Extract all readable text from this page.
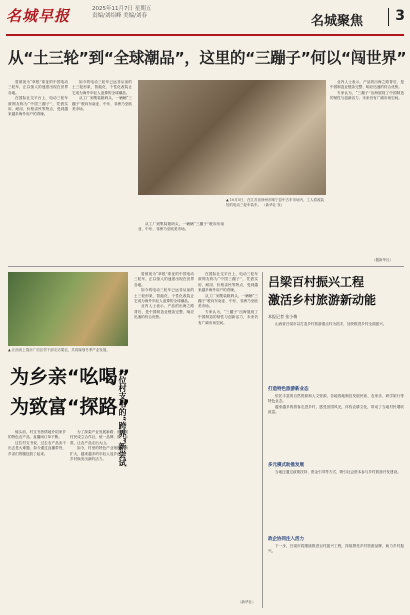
名城早报	2025年11月7日 星期五
责编/刘绍峰 美编/刘春	名城聚焦	3
从“土三轮”到“全球潮品”，这里的“三蹦子”何以“闯世界”

曾被视为“草根”象征的中国电动三轮车，正以惊人的速度出现在世界各地。

在国际社交平台上，电动三轮车被网友称为“中国三蹦子”，凭借实用、耐用、价格亲民等特点，受到越来越多海外用户的青睐。

如今的电动三轮车已远非从前的土三轮形象，智能化、个性化改装让它成为海外年轻人追捧的全球潮品。

从工厂到集装箱码头，一辆辆“三蹦子”驶向东南亚、中东、非洲乃至欧美市场。

▲ 10月5日，在江苏省徐州市睢宁县中古车市场内，工人将改装好的电动三轮车装车。 （新华社 发）

业内人士表示，产品的出海之路背后，是中国制造业链条完整、响应迅速的综合优势。

专家认为，“三蹦子”出海展现了中国制造的韧性与创新活力，未来仍有广阔市场空间。

从工厂到集装箱码头，一辆辆“三蹦子”驶向东南亚、中东、非洲乃至欧美市场。

（据新华社）
▲ 江西省上饶市广信区村干部走访果农，共同谋划冬季产业发展。
为乡亲“吆喝”
为致富“探路”
一位村支书的“跨界”新尝试

镜头前，村支书热情地介绍家乡的特色农产品，直播间订单不断。

这位村支书说，过去农产品卖不出去是大难题，如今通过直播带货，乡亲们的腰包鼓了起来。

为了探索产业发展新路，他带领村民成立合作社，统一品牌、统一标准，让农产品走出大山。

如今，村里的特色产业规模不断扩大，越来越多的年轻人返乡创业，乡村焕发出新的活力。

曾被视为“草根”象征的中国电动三轮车，正以惊人的速度出现在世界各地。

如今的电动三轮车已远非从前的土三轮形象，智能化、个性化改装让它成为海外年轻人追捧的全球潮品。

业内人士表示，产品的出海之路背后，是中国制造业链条完整、响应迅速的综合优势。

在国际社交平台上，电动三轮车被网友称为“中国三蹦子”，凭借实用、耐用、价格亲民等特点，受到越来越多海外用户的青睐。

从工厂到集装箱码头，一辆辆“三蹦子”驶向东南亚、中东、非洲乃至欧美市场。

专家认为，“三蹦子”出海展现了中国制造的韧性与创新活力，未来仍有广阔市场空间。

（新华社）
吕梁百村振兴工程
激活乡村旅游新动能
本报记者 张小梅

山西省吕梁市以打造乡村旅游重点村为抓手，加快推进乡村全面振兴。

打造特色旅游新业态

依托丰富的自然资源和人文资源，各地因地制宜发展民宿、农家乐、研学旅行等特色业态。

越来越多的游客走进乡村，感受田园风光，体验农耕文化，带动了当地村民增收致富。

多元模式助推发展

当地还通过政策扶持、资金引导等方式，吸引社会资本参与乡村旅游开发建设。

政企协同注入活力

下一步，吕梁市将继续推进百村振兴工程，持续擦亮乡村旅游品牌，助力乡村振兴。
